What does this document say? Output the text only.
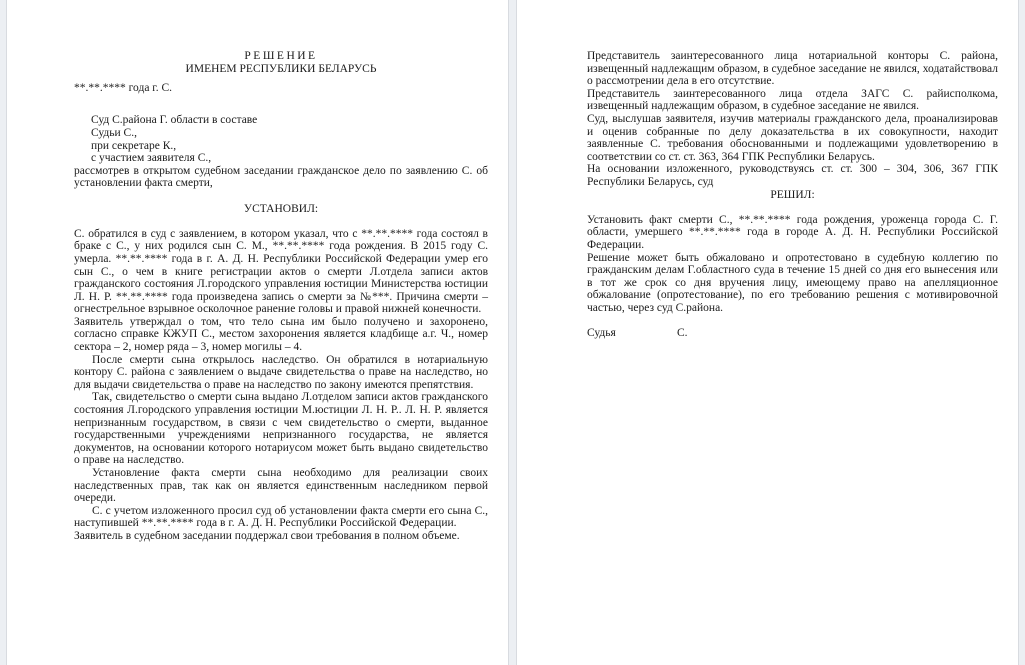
РЕШЕНИЕ

ИМЕНЕМ РЕСПУБЛИКИ БЕЛАРУСЬ

**.**.**** года г. С.

Суд С.района Г. области в составе

Судьи С.,

при секретаре К.,

с участием заявителя С.,

рассмотрев в открытом судебном заседании гражданское дело по заявлению С. об установлении факта смерти,

УСТАНОВИЛ:

С. обратился в суд с заявлением, в котором указал, что с **.**.**** года состоял в браке с С., у них родился сын С. М., **.**.**** года рождения. В 2015 году С. умерла. **.**.**** года в г. А. Д. Н. Республики Российской Федерации умер его сын С., о чем в книге регистрации актов о смерти Л.отдела записи актов гражданского состояния Л.городского управления юстиции Министерства юстиции Л. Н. Р. **.**.**** года произведена запись о смерти за №***. Причина смерти – огнестрельное взрывное осколочное ранение головы и правой нижней конечности.

Заявитель утверждал о том, что тело сына им было получено и захоронено, согласно справке КЖУП С., местом захоронения является кладбище а.г. Ч., номер сектора – 2, номер ряда – 3, номер могилы – 4.

После смерти сына открылось наследство. Он обратился в нотариальную контору С. района с заявлением о выдаче свидетельства о праве на наследство, но для выдачи свидетельства о праве на наследство по закону имеются препятствия.

Так, свидетельство о смерти сына выдано Л.отделом записи актов гражданского состояния Л.городского управления юстиции М.юстиции Л. Н. Р.. Л. Н. Р. является непризнанным государством, в связи с чем свидетельство о смерти, выданное государственными учреждениями непризнанного государства, не является документов, на основании которого нотариусом может быть выдано свидетельство о праве на наследство.

Установление факта смерти сына необходимо для реализации своих наследственных прав, так как он является единственным наследником первой очереди.

С. с учетом изложенного просил суд об установлении факта смерти его сына С., наступившей **.**.**** года в г. А. Д. Н. Республики Российской Федерации.

Заявитель в судебном заседании поддержал свои требования в полном объеме.

Представитель заинтересованного лица нотариальной конторы С. района, извещенный надлежащим образом, в судебное заседание не явился, ходатайствовал о рассмотрении дела в его отсутствие.

Представитель заинтересованного лица отдела ЗАГС С. райисполкома, извещенный надлежащим образом, в судебное заседание не явился.

Суд, выслушав заявителя, изучив материалы гражданского дела, проанализировав и оценив собранные по делу доказательства в их совокупности, находит заявленные С. требования обоснованными и подлежащими удовлетворению в соответствии со ст. ст. 363, 364 ГПК Республики Беларусь.

На основании изложенного, руководствуясь ст. ст. 300 – 304, 306, 367 ГПК Республики Беларусь, суд

РЕШИЛ:

Установить факт смерти С., **.**.**** года рождения, уроженца города С. Г. области, умершего **.**.**** года в городе А. Д. Н. Республики Российской Федерации.

Решение может быть обжаловано и опротестовано в судебную коллегию по гражданским делам Г.областного суда в течение 15 дней со дня его вынесения или в тот же срок со дня вручения лицу, имеющему право на апелляционное обжалование (опротестование), по его требованию решения с мотивировочной частью, через суд С.района.

Судья	С.
